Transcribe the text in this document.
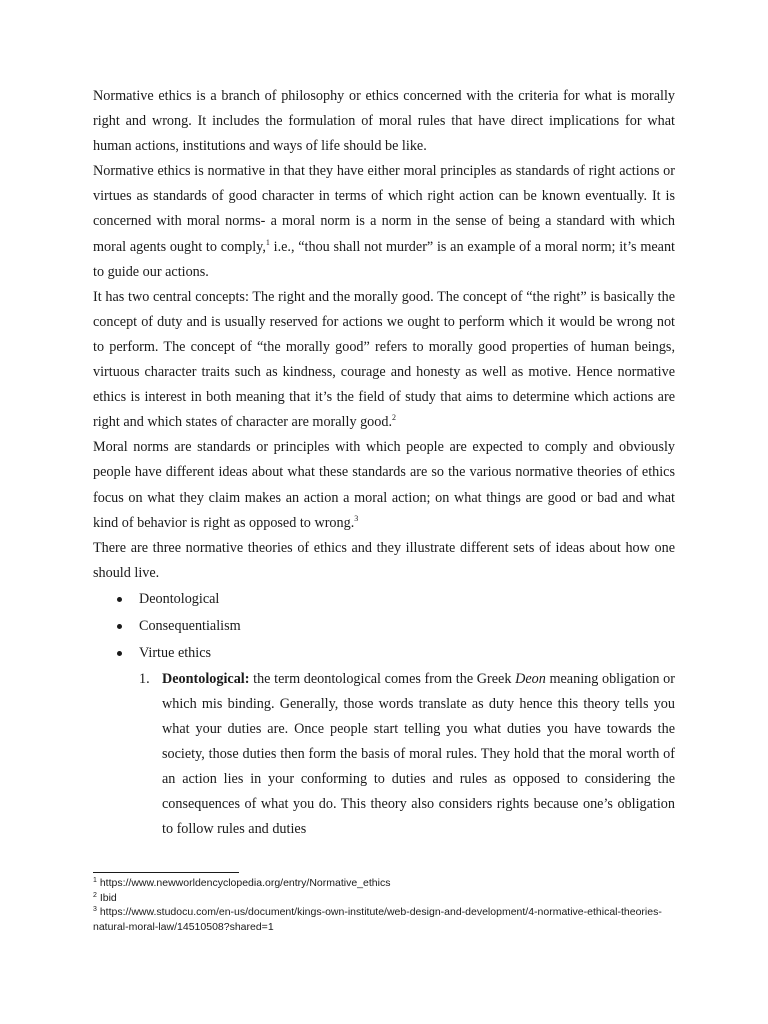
Normative ethics is a branch of philosophy or ethics concerned with the criteria for what is morally right and wrong. It includes the formulation of moral rules that have direct implications for what human actions, institutions and ways of life should be like.

Normative ethics is normative in that they have either moral principles as standards of right actions or virtues as standards of good character in terms of which right action can be known eventually. It is concerned with moral norms- a moral norm is a norm in the sense of being a standard with which moral agents ought to comply,$^1$ i.e., “thou shall not murder” is an example of a moral norm; it’s meant to guide our actions.

It has two central concepts: The right and the morally good. The concept of “the right” is basically the concept of duty and is usually reserved for actions we ought to perform which it would be wrong not to perform. The concept of “the morally good” refers to morally good properties of human beings, virtuous character traits such as kindness, courage and honesty as well as motive. Hence normative ethics is interest in both meaning that it’s the field of study that aims to determine which actions are right and which states of character are morally good.$^2$

Moral norms are standards or principles with which people are expected to comply and obviously people have different ideas about what these standards are so the various normative theories of ethics focus on what they claim makes an action a moral action; on what things are good or bad and what kind of behavior is right as opposed to wrong.$^3$

There are three normative theories of ethics and they illustrate different sets of ideas about how one should live.

Deontological
Consequentialism
Virtue ethics

1. Deontological: the term deontological comes from the Greek Deon meaning obligation or which mis binding. Generally, those words translate as duty hence this theory tells you what your duties are. Once people start telling you what duties you have towards the society, those duties then form the basis of moral rules. They hold that the moral worth of an action lies in your conforming to duties and rules as opposed to considering the consequences of what you do. This theory also considers rights because one’s obligation to follow rules and duties

$^1$ https://www.newworldencyclopedia.org/entry/Normative_ethics

$^2$ Ibid

$^3$ https://www.studocu.com/en-us/document/kings-own-institute/web-design-and-development/4-normative-ethical-theories-natural-moral-law/14510508?shared=1
